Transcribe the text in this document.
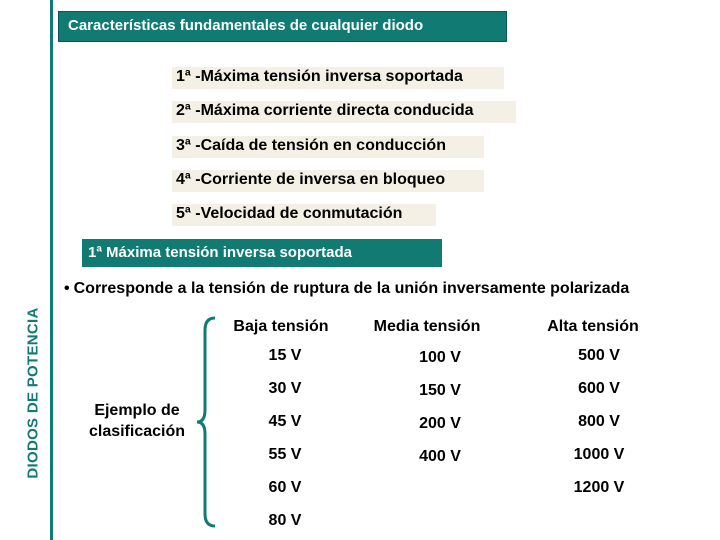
DIODOS DE POTENCIA
Características fundamentales de cualquier diodo
1ª -Máxima tensión inversa soportada
2ª -Máxima corriente directa conducida
3ª -Caída de tensión en conducción
4ª -Corriente de inversa en bloqueo
5ª -Velocidad de conmutación
1ª Máxima tensión inversa soportada
• Corresponde a la tensión de ruptura de la unión inversamente polarizada
Ejemplo de clasificación
Baja tensión	Media tensión	Alta tensión
15 V
30 V
45 V
55 V
60 V
80 V
100 V
150 V
200 V
400 V
500 V
600 V
800 V
1000 V
1200 V
